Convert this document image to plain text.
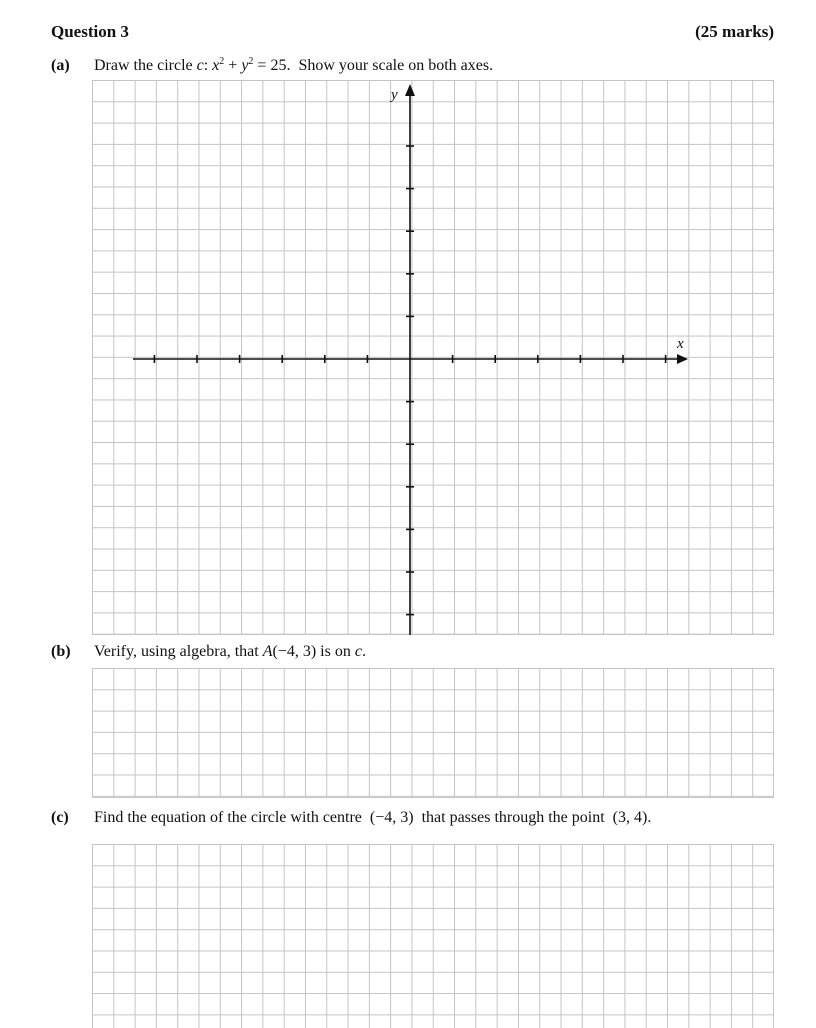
Question 3	(25 marks)
(a) Draw the circle c: $x^2 + y^2 = 25$. Show your scale on both axes.
x
y
(b) Verify, using algebra, that A(−4, 3) is on c.
(c) Find the equation of the circle with centre  (−4, 3)  that passes through the point  (3, 4).
